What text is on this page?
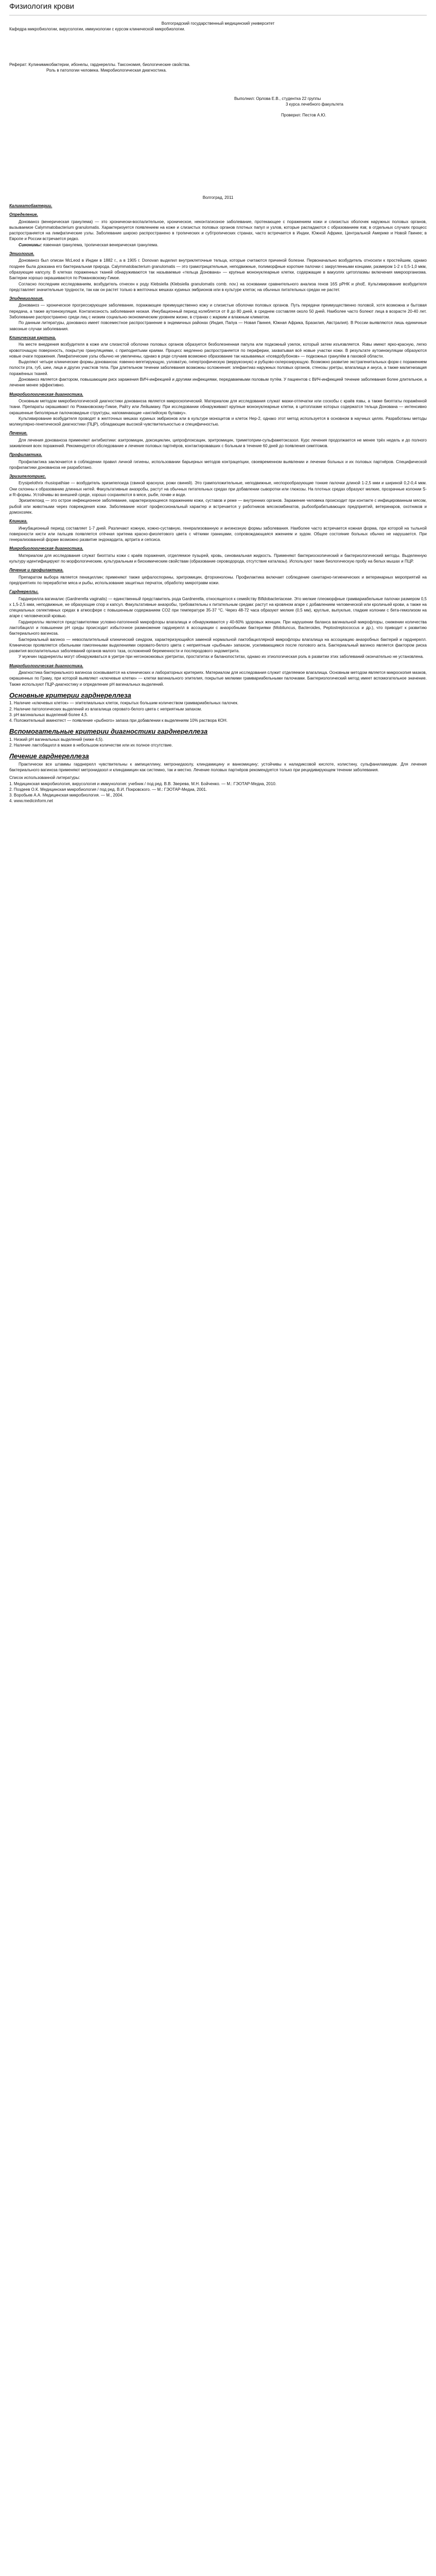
Физиология крови
Волгоградский государственный медицинский университет
Кафедра микробиологии, вирусологии, иммунологии с курсом клинической микробиологии.
Реферат: Кулинимикобактерии, ибонелы, гарднереллы. Таксономия, биологические свойства.
Роль в патологии человека. Микробиологическая диагностика.
Выполнил: Орлова Е.В., студентка 22 группы
3 курса лечебного факультета
Проверил: Пестов А.Ю.
Волгоград, 2011
Калиматобактерии.
Определение.

Донованоз (венерическая гранулема) — это хронически-воспалительное, хроническое, неконтагиозное заболевание, протекающее с поражением кожи и слизистых оболочек наружных половых органов, вызываемое Calymmatobacterium granulomatis. Характеризуется появлением на коже и слизистых половых органов плотных папул и узлов, которые распадаются с образованием язв; в отдельных случаях процесс распространяется на лимфатические узлы. Заболевание широко распространено в тропических и субтропических странах, часто встречается в Индии, Южной Африке, Центральной Америке и Новой Гвинее; в Европе и России встречается редко.

Синонимы: язвенная гранулема, тропическая венерическая гранулема.

Этиология.

Донованоз был описан McLeod в Индии в 1882 г., а в 1905 г. Donovan выделил внутриклеточные тельца, которые считаются причиной болезни. Первоначально возбудитель относили к простейшим, однако позднее была доказана его бактериальная природа. Calymmatobacterium granulomatis — это грамотрицательные, неподвижные, полиморфные короткие палочки с закругленными концами, размером 1-2 х 0,5-1,0 мкм, образующие капсулу. В клетках пораженных тканей обнаруживаются так называемые «тельца Донована» — крупные мононуклеарные клетки, содержащие в вакуолях цитоплазмы включения микроорганизма. Бактерии хорошо окрашиваются по Романовскому-Гимзе.

Согласно последним исследованиям, возбудитель отнесен к роду Klebsiella (Klebsiella granulomatis comb. nov.) на основании сравнительного анализа генов 16S рРНК и phoE. Культивирование возбудителя представляет значительные трудности, так как он растет только в желточных мешках куриных эмбрионов или в культуре клеток; на обычных питательных средах не растет.

Эпидемиология.

Донованоз — хроническое прогрессирующее заболевание, поражающее преимущественно кожу и слизистые оболочки половых органов. Путь передачи преимущественно половой, хотя возможна и бытовая передача, а также аутоинокуляция. Контагиозность заболевания низкая. Инкубационный период колеблется от 8 до 80 дней, в среднем составляя около 50 дней. Наиболее часто болеют лица в возрасте 20-40 лет. Заболевание распространено среди лиц с низким социально-экономическим уровнем жизни, в странах с жарким и влажным климатом.

По данным литературы, донованоз имеет повсеместное распространение в эндемичных районах (Индия, Папуа — Новая Гвинея, Южная Африка, Бразилия, Австралия). В России выявляются лишь единичные завозные случаи заболевания.

Клиническая картина.

На месте внедрения возбудителя в коже или слизистой оболочке половых органов образуется безболезненная папула или подкожный узелок, который затем изъязвляется. Язвы имеют ярко-красную, легко кровоточащую поверхность, покрытую грануляциями, с приподнятыми краями. Процесс медленно распространяется по периферии, захватывая всё новые участки кожи. В результате аутоинокуляции образуются новые очаги поражения. Лимфатические узлы обычно не увеличены, однако в ряде случаев возможно образование так называемых «псевдобубонов» — подкожных гранулём в паховой области.

Выделяют четыре клинические формы донованоза: язвенно-вегетирующую, узловатую, гипертрофическую (веррукозную) и рубцово-склерозирующую. Возможно развитие экстрагенитальных форм с поражением полости рта, губ, шеи, лица и других участков тела. При длительном течении заболевания возможны осложнения: элефантиаз наружных половых органов, стенозы уретры, влагалища и ануса, а также малигнизация поражённых тканей.

Донованоз является фактором, повышающим риск заражения ВИЧ-инфекцией и другими инфекциями, передаваемыми половым путём. У пациентов с ВИЧ-инфекцией течение заболевания более длительное, а лечение менее эффективно.

Микробиологическая диагностика.

Основным методом микробиологической диагностики донованоза является микроскопический. Материалом для исследования служат мазки-отпечатки или соскобы с краёв язвы, а также биоптаты поражённой ткани. Препараты окрашивают по Романовскому-Гимзе, Райту или Лейшману. При исследовании обнаруживают крупные мононуклеарные клетки, в цитоплазме которых содержатся тельца Донована — интенсивно окрашенные биполярные палочковидные структуры, напоминающие «английскую булавку».

Культивирование возбудителя проводят в желточных мешках куриных эмбрионов или в культуре моноцитов и клеток Hep-2, однако этот метод используется в основном в научных целях. Разработаны методы молекулярно-генетической диагностики (ПЦР), обладающие высокой чувствительностью и специфичностью.

Лечение.

Для лечения донованоза применяют антибиотики: азитромицин, доксициклин, ципрофлоксацин, эритромицин, триметоприм-сульфаметоксазол. Курс лечения продолжается не менее трёх недель и до полного заживления всех поражений. Рекомендуется обследование и лечение половых партнёров, контактировавших с больным в течение 60 дней до появления симптомов.

Профилактика.

Профилактика заключается в соблюдении правил личной гигиены, использовании барьерных методов контрацепции, своевременном выявлении и лечении больных и их половых партнёров. Специфической профилактики донованоза не разработано.

Эризипелотрикс.

Erysipelothrix rhusiopathiae — возбудитель эризипелоида (свиной краснухи, рожи свиней). Это грамположительные, неподвижные, неспорообразующие тонкие палочки длиной 1-2,5 мкм и шириной 0,2-0,4 мкм. Они склонны к образованию длинных нитей. Факультативные анаэробы, растут на обычных питательных средах при добавлении сыворотки или глюкозы. На плотных средах образуют мелкие, прозрачные колонии S- и R-формы. Устойчивы во внешней среде, хорошо сохраняются в мясе, рыбе, почве и воде.

Эризипелоид — это острое инфекционное заболевание, характеризующееся поражением кожи, суставов и реже — внутренних органов. Заражение человека происходит при контакте с инфицированным мясом, рыбой или животными через повреждения кожи. Заболевание носит профессиональный характер и встречается у работников мясокомбинатов, рыбообрабатывающих предприятий, ветеринаров, охотников и домохозяек.

Клиника.

Инкубационный период составляет 1-7 дней. Различают кожную, кожно-суставную, генерализованную и ангинозную формы заболевания. Наиболее часто встречается кожная форма, при которой на тыльной поверхности кисти или пальцев появляется отёчная эритема красно-фиолетового цвета с чёткими границами, сопровождающаяся жжением и зудом. Общее состояние больных обычно не нарушается. При генерализованной форме возможно развитие эндокардита, артрита и сепсиса.

Микробиологическая диагностика.

Материалом для исследования служат биоптаты кожи с краёв поражения, отделяемое пузырей, кровь, синовиальная жидкость. Применяют бактериоскопический и бактериологический методы. Выделенную культуру идентифицируют по морфологическим, культуральным и биохимическим свойствам (образование сероводорода, отсутствие каталазы). Используют также биологическую пробу на белых мышах и ПЦР.

Лечение и профилактика.

Препаратом выбора является пенициллин; применяют также цефалоспорины, эритромицин, фторхинолоны. Профилактика включает соблюдение санитарно-гигиенических и ветеринарных мероприятий на предприятиях по переработке мяса и рыбы, использование защитных перчаток, обработку микротравм кожи.

Гарднереллы.

Гарднерелла вагиналис (Gardnerella vaginalis) — единственный представитель рода Gardnerella, относящегося к семейству Bifidobacteriaceae. Это мелкие плеоморфные грамвариабельные палочки размером 0,5 х 1,5-2,5 мкм, неподвижные, не образующие спор и капсул. Факультативные анаэробы, требовательны к питательным средам: растут на кровяном агаре с добавлением человеческой или кроличьей крови, а также на специальных селективных средах в атмосфере с повышенным содержанием CO2 при температуре 35-37 °C. Через 48-72 часа образуют мелкие (0,5 мм), круглые, выпуклые, гладкие колонии с бета-гемолизом на агаре с человеческой кровью.

Гарднереллы являются представителями условно-патогенной микрофлоры влагалища и обнаруживаются у 40-60% здоровых женщин. При нарушении баланса вагинальной микрофлоры, снижении количества лактобацилл и повышении pH среды происходит избыточное размножение гарднерелл в ассоциации с анаэробными бактериями (Mobiluncus, Bacteroides, Peptostreptococcus и др.), что приводит к развитию бактериального вагиноза.

Бактериальный вагиноз — невоспалительный клинический синдром, характеризующийся заменой нормальной лактобациллярной микрофлоры влагалища на ассоциацию анаэробных бактерий и гарднерелл. Клинически проявляется обильными гомогенными выделениями серовато-белого цвета с неприятным «рыбным» запахом, усиливающимся после полового акта. Бактериальный вагиноз является фактором риска развития воспалительных заболеваний органов малого таза, осложнений беременности и послеродового эндометрита.

У мужчин гарднереллы могут обнаруживаться в уретре при негонококковых уретритах, простатитах и баланопоститах, однако их этиологическая роль в развитии этих заболеваний окончательно не установлена.

Микробиологическая диагностика.

Диагностика бактериального вагиноза основывается на клинических и лабораторных критериях. Материалом для исследования служит отделяемое влагалища. Основным методом является микроскопия мазков, окрашенных по Граму, при которой выявляют «ключевые клетки» — клетки вагинального эпителия, покрытые мелкими грамвариабельными палочками. Бактериологический метод имеет вспомогательное значение. Также используют ПЦР-диагностику и определение pH вагинальных выделений.

Основные критерии гарднереллеза

1. Наличие «ключевых клеток» — эпителиальных клеток, покрытых большим количеством грамвариабельных палочек.

2. Наличие патологических выделений из влагалища серовато-белого цвета с неприятным запахом.

3. pH вагинальных выделений более 4,5.

4. Положительный аминотест — появление «рыбного» запаха при добавлении к выделениям 10% раствора КОН.

Вспомогательные критерии диагностики гарднереллеза

1. Низкий рН вагинальных выделений (ниже 4,5).

2. Наличие лактобацилл в мазке в небольшом количестве или их полное отсутствие.

Лечение гарднереллеза

Практически все штаммы гарднерелл чувствительны к ампициллину, метронидазолу, клиндамицину и ванкомицину; устойчивы к налидиксовой кислоте, колистину, сульфаниламидам. Для лечения бактериального вагиноза применяют метронидазол и клиндамицин как системно, так и местно. Лечение половых партнёров рекомендуется только при рецидивирующем течении заболевания.

Список использованной литературы:

1. Медицинская микробиология, вирусология и иммунология: учебник / под ред. В.В. Зверева, М.Н. Бойченко. — М.: ГЭОТАР-Медиа, 2010.

2. Поздеев О.К. Медицинская микробиология / под ред. В.И. Покровского. — М.: ГЭОТАР-Медиа, 2001.

3. Воробьев А.А. Медицинская микробиология. — М., 2004.

4. www.medicinform.net
